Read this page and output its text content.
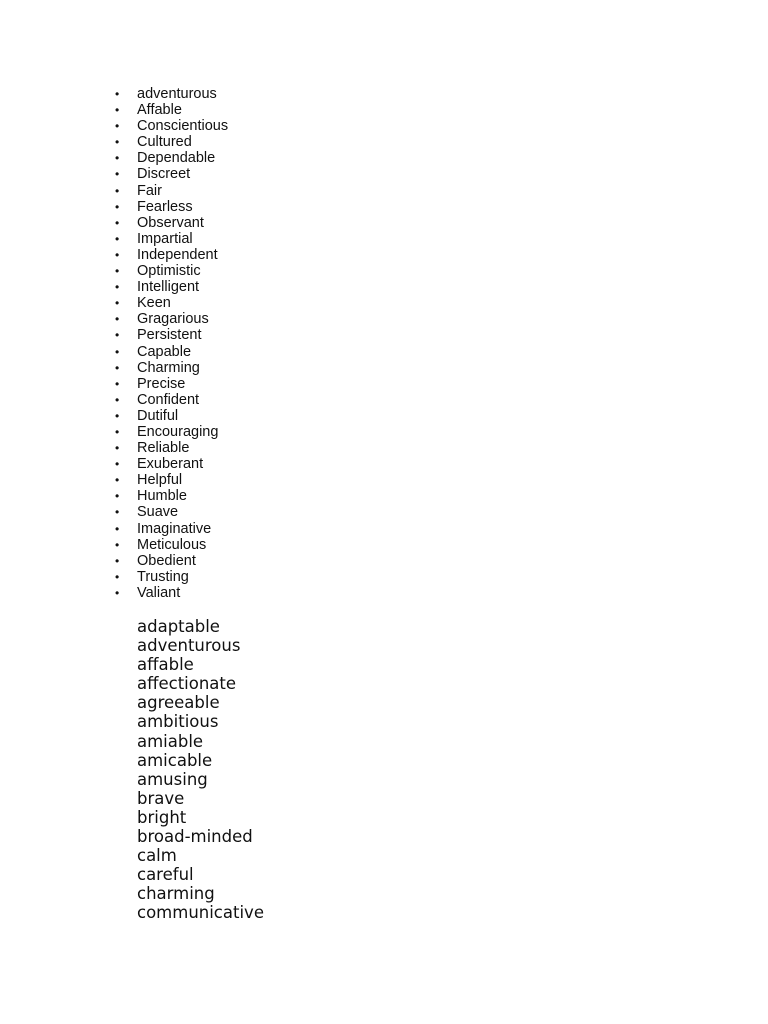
• adventurous
• Affable
• Conscientious
• Cultured
• Dependable
• Discreet
• Fair
• Fearless
• Observant
• Impartial
• Independent
• Optimistic
• Intelligent
• Keen
• Gragarious
• Persistent
• Capable
• Charming
• Precise
• Confident
• Dutiful
• Encouraging
• Reliable
• Exuberant
• Helpful
• Humble
• Suave
• Imaginative
• Meticulous
• Obedient
• Trusting
• Valiant
adaptable
adventurous
affable
affectionate
agreeable
ambitious
amiable
amicable
amusing
brave
bright
broad-minded
calm
careful
charming
communicative
